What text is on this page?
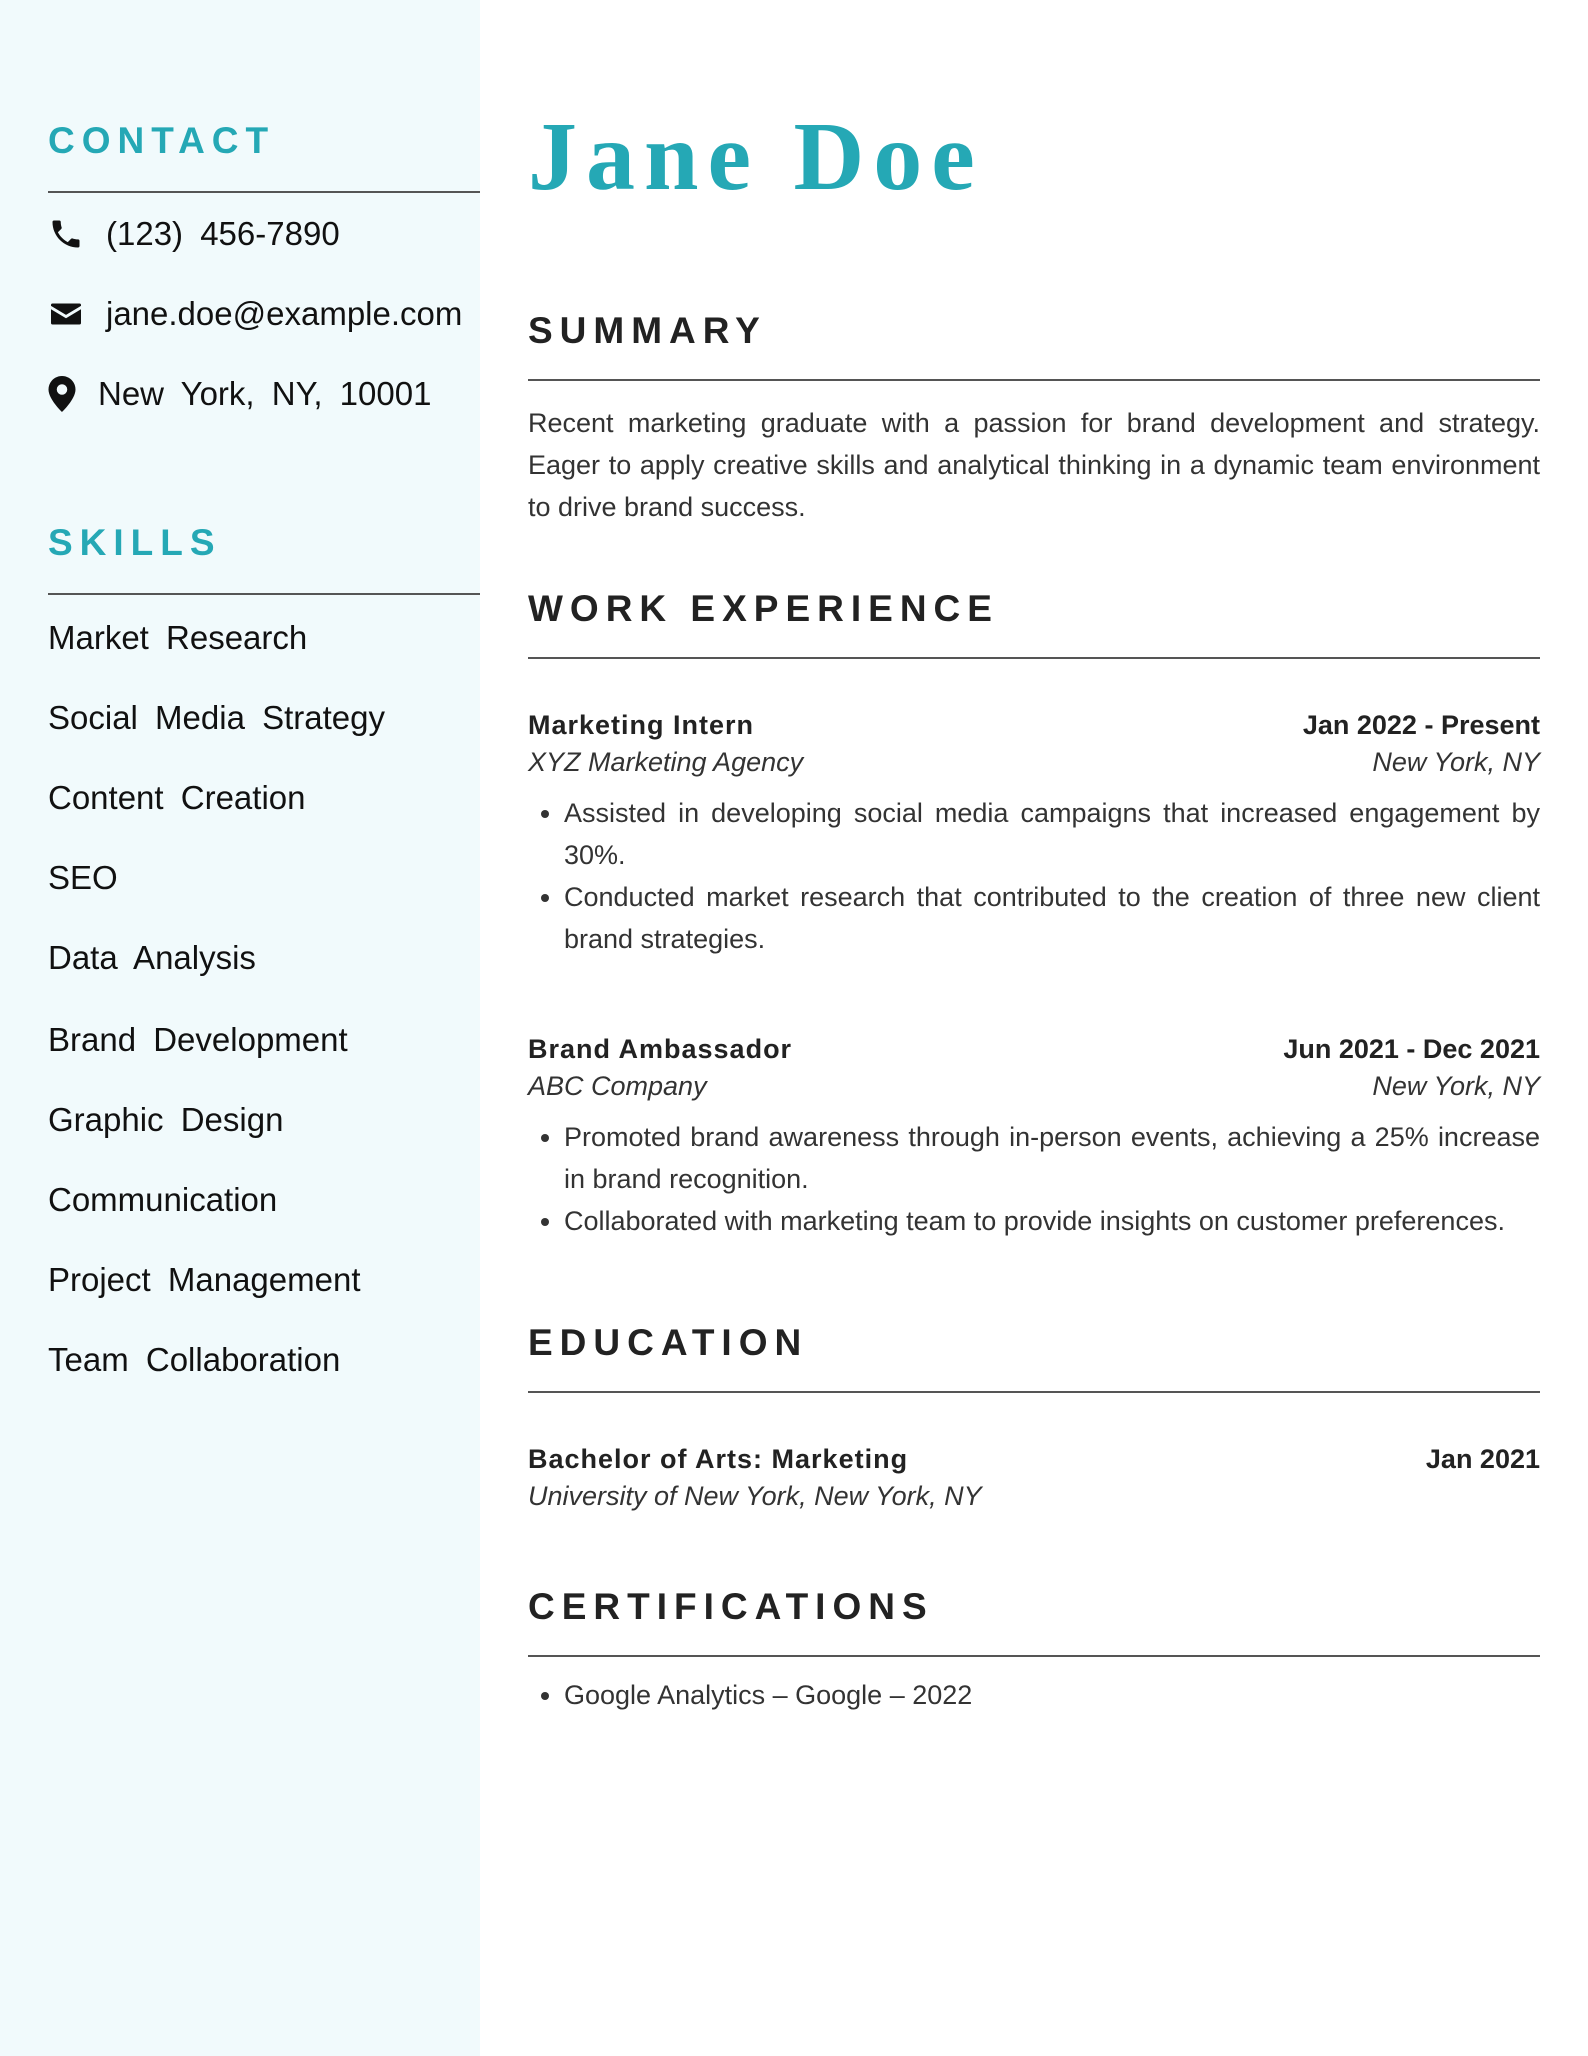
CONTACT
(123) 456-7890
jane.doe@example.com
New York, NY, 10001
SKILLS
Market Research
Social Media Strategy
Content Creation
SEO
Data Analysis
Brand Development
Graphic Design
Communication
Project Management
Team Collaboration
Jane Doe
SUMMARY

Recent marketing graduate with a passion for brand development and strategy. Eager to apply creative skills and analytical thinking in a dynamic team environment to drive brand success.

WORK EXPERIENCE
Marketing Intern	Jan 2022 - Present
XYZ Marketing Agency	New York, NY
• Assisted in developing social media campaigns that increased engagement by 30%.
• Conducted market research that contributed to the creation of three new client brand strategies.
Brand Ambassador	Jun 2021 - Dec 2021
ABC Company	New York, NY
• Promoted brand awareness through in-person events, achieving a 25% increase in brand recognition.
• Collaborated with marketing team to provide insights on customer preferences.
EDUCATION
Bachelor of Arts: Marketing	Jan 2021
University of New York, New York, NY
CERTIFICATIONS
• Google Analytics – Google – 2022
